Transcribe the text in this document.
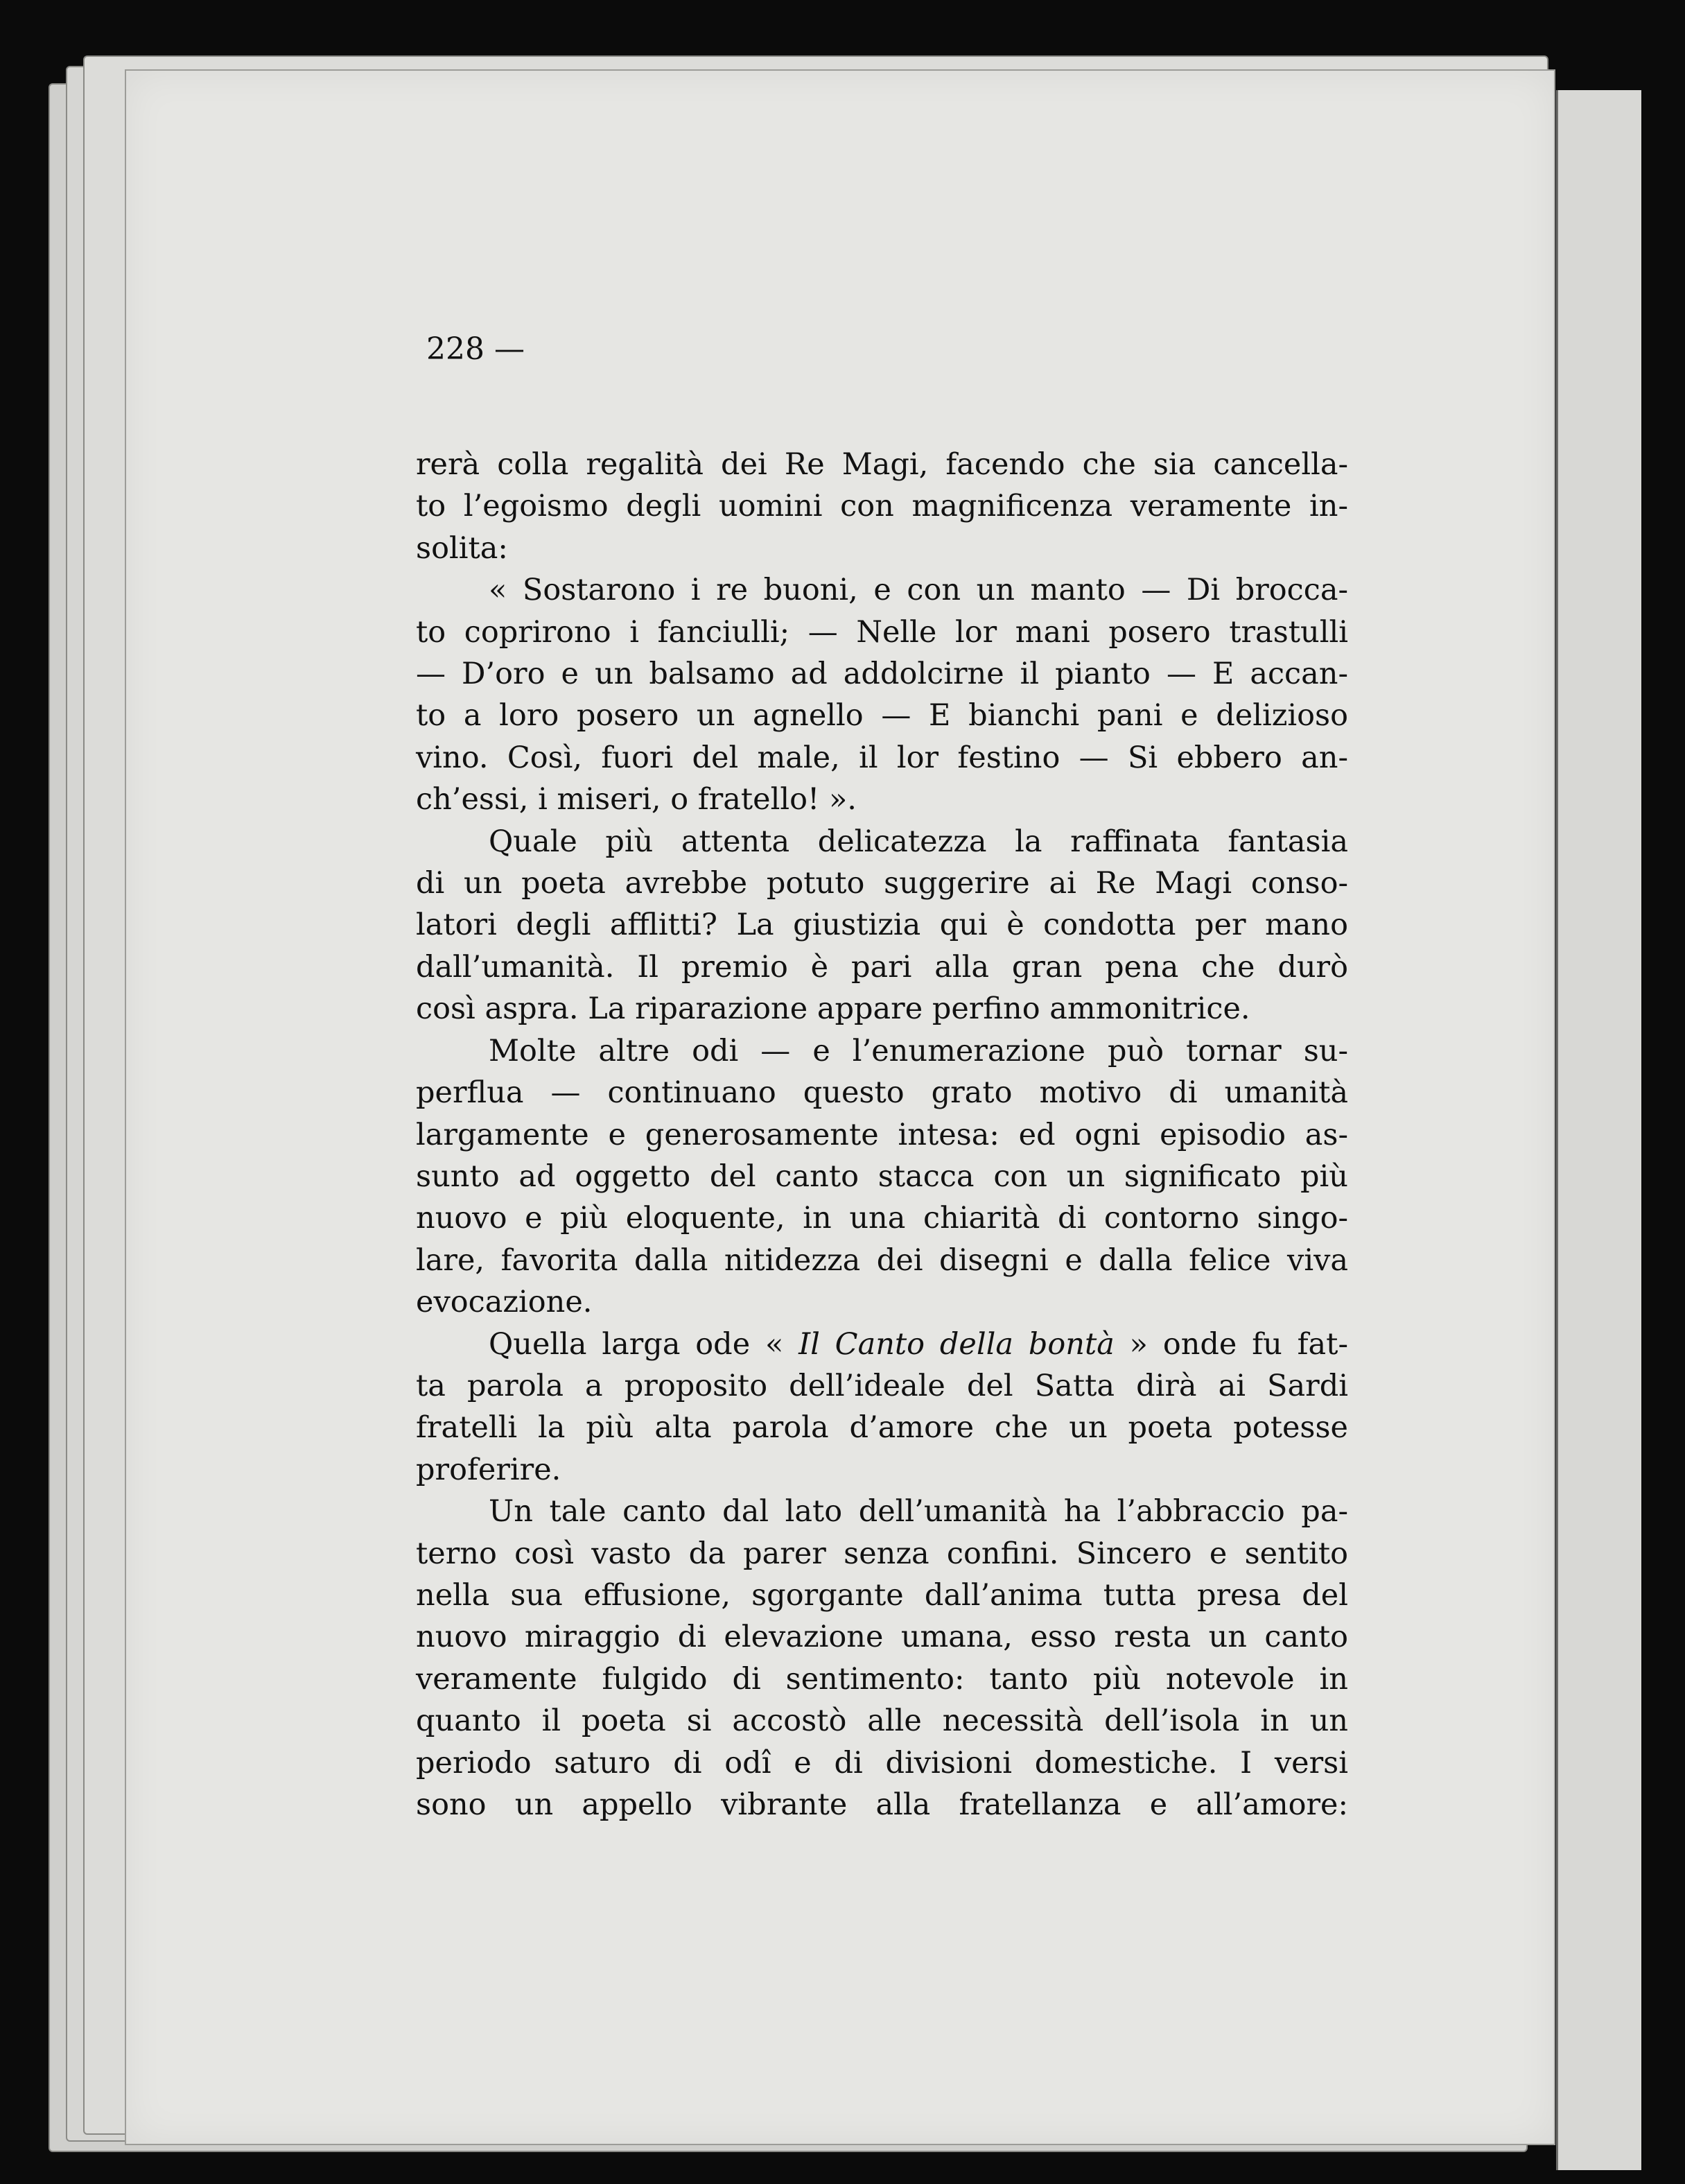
228 —
rerà colla regalità dei Re Magi, facendo che sia cancella-
to l’egoismo degli uomini con magnificenza veramente in-
solita:
« Sostarono i re buoni, e con un manto — Di brocca-
to coprirono i fanciulli; — Nelle lor mani posero trastulli
— D’oro e un balsamo ad addolcirne il pianto — E accan-
to a loro posero un agnello — E bianchi pani e delizioso
vino. Così, fuori del male, il lor festino — Si ebbero an-
ch’essi, i miseri, o fratello! ».
Quale più attenta delicatezza la raffinata fantasia
di un poeta avrebbe potuto suggerire ai Re Magi conso-
latori degli afflitti? La giustizia qui è condotta per mano
dall’umanità. Il premio è pari alla gran pena che durò
così aspra. La riparazione appare perfino ammonitrice.
Molte altre odi — e l’enumerazione può tornar su-
perflua — continuano questo grato motivo di umanità
largamente e generosamente intesa: ed ogni episodio as-
sunto ad oggetto del canto stacca con un significato più
nuovo e più eloquente, in una chiarità di contorno singo-
lare, favorita dalla nitidezza dei disegni e dalla felice viva
evocazione.
Quella larga ode « Il Canto della bontà » onde fu fat-
ta parola a proposito dell’ideale del Satta dirà ai Sardi
fratelli la più alta parola d’amore che un poeta potesse
proferire.
Un tale canto dal lato dell’umanità ha l’abbraccio pa-
terno così vasto da parer senza confini. Sincero e sentito
nella sua effusione, sgorgante dall’anima tutta presa del
nuovo miraggio di elevazione umana, esso resta un canto
veramente fulgido di sentimento: tanto più notevole in
quanto il poeta si accostò alle necessità dell’isola in un
periodo saturo di odî e di divisioni domestiche. I versi
sono un appello vibrante alla fratellanza e all’amore:
